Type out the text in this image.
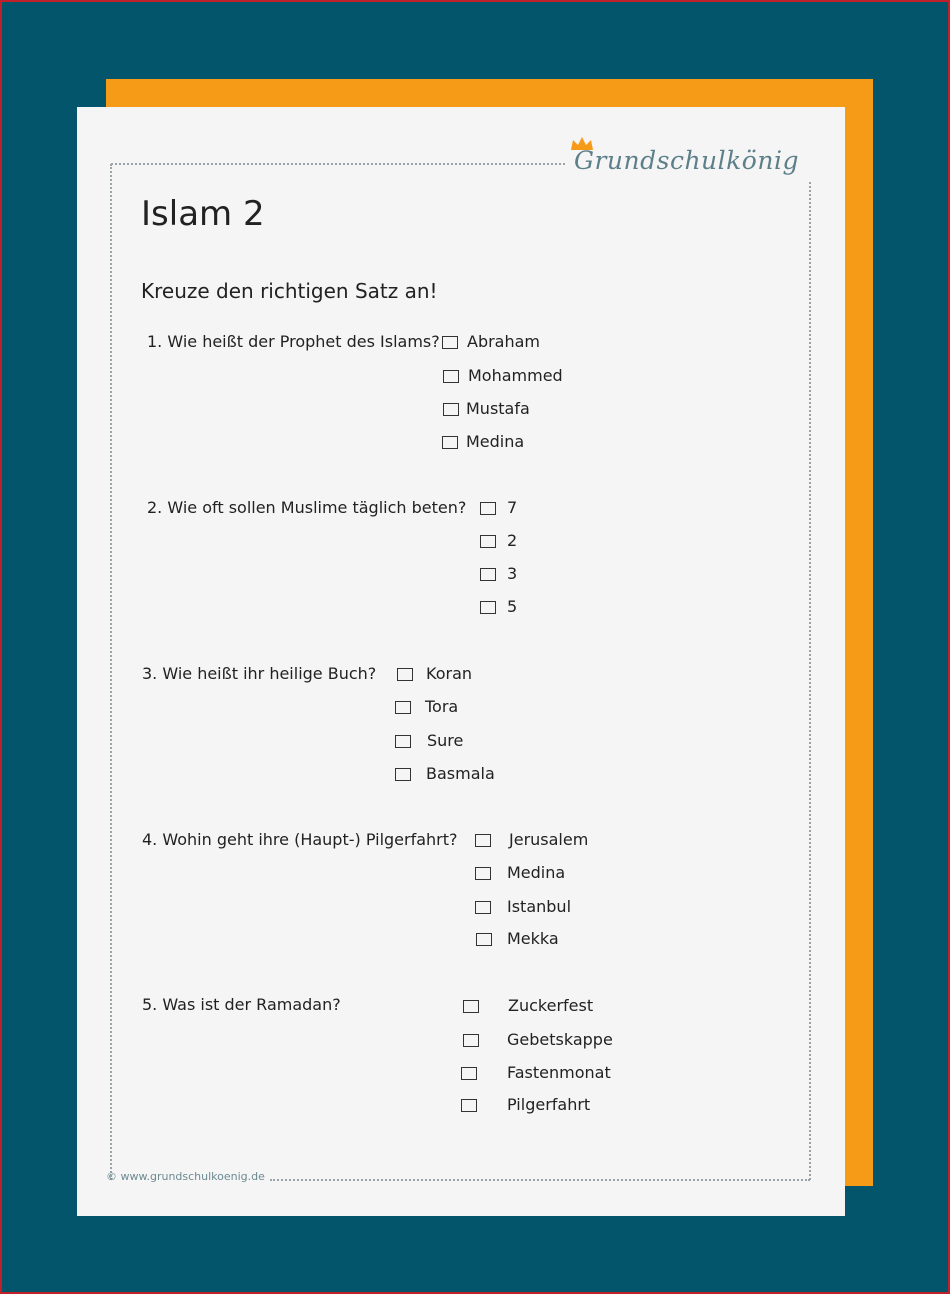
Grundschulkönig
Islam 2
Kreuze den richtigen Satz an!
1. Wie heißt der Prophet des Islams? Abraham
Mohammed
Mustafa
Medina
2. Wie oft sollen Muslime täglich beten?	7
2
3
5
3. Wie heißt ihr heilige Buch?	Koran
Tora
Sure
Basmala
4. Wohin geht ihre (Haupt-) Pilgerfahrt?	Jerusalem
Medina
Istanbul
Mekka
5. Was ist der Ramadan?	Zuckerfest
Gebetskappe
Fastenmonat
Pilgerfahrt
© www.grundschulkoenig.de
